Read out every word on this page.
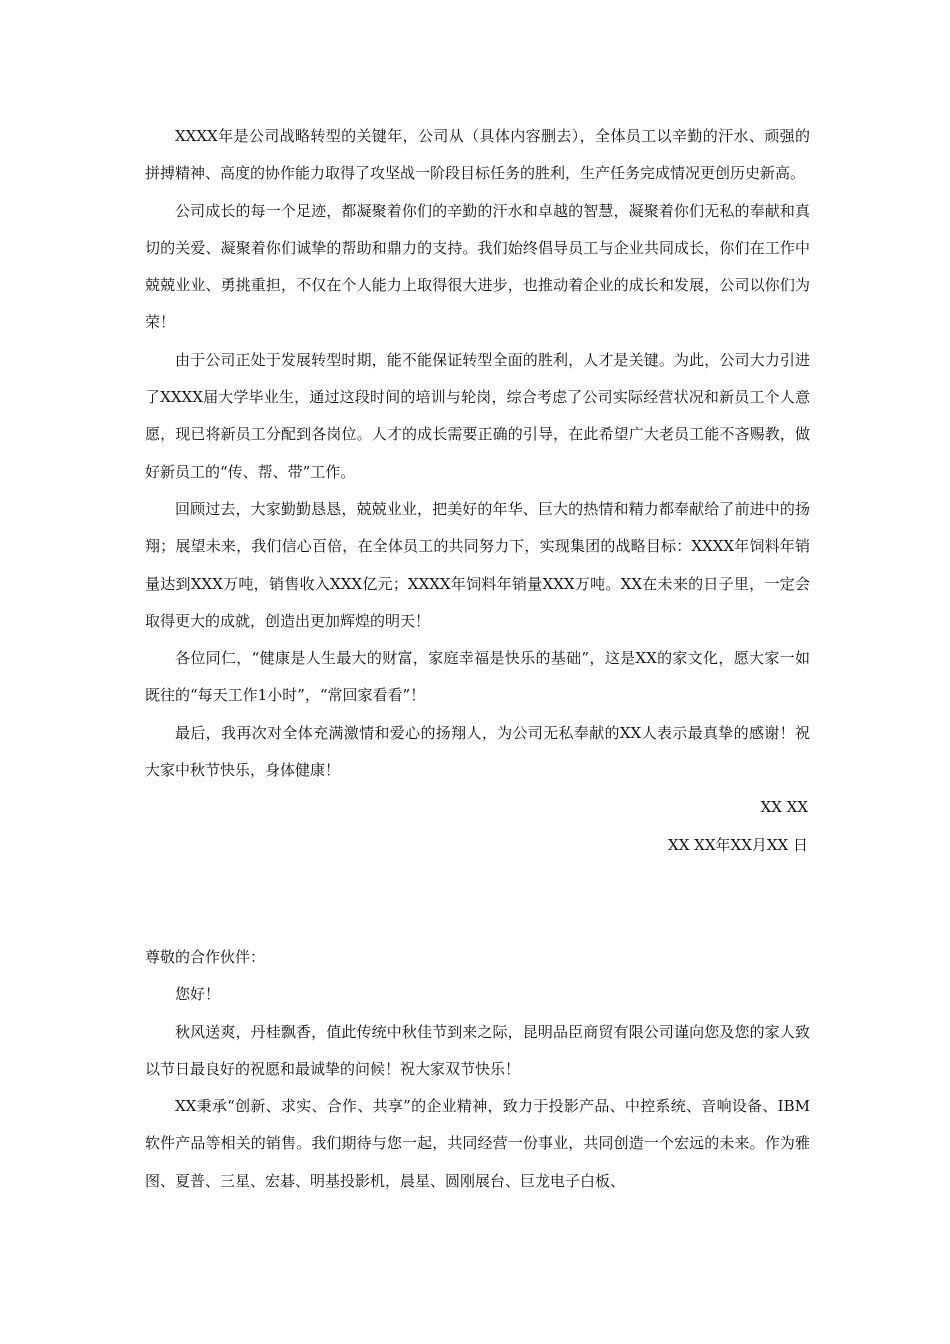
XXXX年是公司战略转型的关键年，公司从（具体内容删去），全体员工以辛勤的汗水、顽强的拼搏精神、高度的协作能力取得了攻坚战一阶段目标任务的胜利，生产任务完成情况更创历史新高。

公司成长的每一个足迹，都凝聚着你们的辛勤的汗水和卓越的智慧，凝聚着你们无私的奉献和真切的关爱、凝聚着你们诚挚的帮助和鼎力的支持。我们始终倡导员工与企业共同成长，你们在工作中兢兢业业、勇挑重担，不仅在个人能力上取得很大进步，也推动着企业的成长和发展，公司以你们为荣！

由于公司正处于发展转型时期，能不能保证转型全面的胜利，人才是关键。为此，公司大力引进了XXXX届大学毕业生，通过这段时间的培训与轮岗，综合考虑了公司实际经营状况和新员工个人意愿，现已将新员工分配到各岗位。人才的成长需要正确的引导，在此希望广大老员工能不吝赐教，做好新员工的“传、帮、带”工作。

回顾过去，大家勤勤恳恳，兢兢业业，把美好的年华、巨大的热情和精力都奉献给了前进中的扬翔；展望未来，我们信心百倍，在全体员工的共同努力下，实现集团的战略目标：XXXX年饲料年销量达到XXX万吨，销售收入XXX亿元；XXXX年饲料年销量XXX万吨。XX在未来的日子里，一定会取得更大的成就，创造出更加辉煌的明天！

各位同仁，“健康是人生最大的财富，家庭幸福是快乐的基础”，这是XX的家文化，愿大家一如既往的“每天工作1小时”，“常回家看看”！

最后，我再次对全体充满激情和爱心的扬翔人，为公司无私奉献的XX人表示最真挚的感谢！祝大家中秋节快乐，身体健康！

XX XX

XX XX年XX月XX 日

尊敬的合作伙伴：

您好！

秋风送爽，丹桂飘香，值此传统中秋佳节到来之际，昆明品臣商贸有限公司谨向您及您的家人致以节日最良好的祝愿和最诚挚的问候！祝大家双节快乐！

XX秉承“创新、求实、合作、共享”的企业精神，致力于投影产品、中控系统、音响设备、IBM 软件产品等相关的销售。我们期待与您一起，共同经营一份事业，共同创造一个宏远的未来。作为雅图、夏普、三星、宏碁、明基投影机，晨星、圆刚展台、巨龙电子白板、
